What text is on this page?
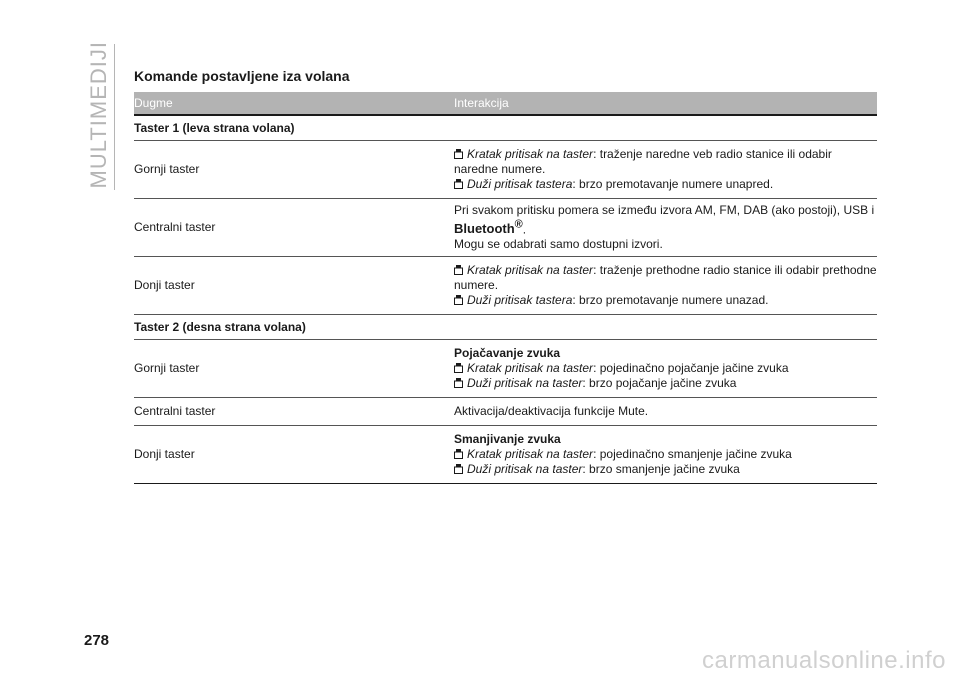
MULTIMEDIJI Komande postavljene iza volana
Dugme	Interakcija
Taster 1 (leva strana volana)
Gornji taster
Kratak pritisak na taster: traženje naredne veb radio stanice ili odabir naredne numere.
Duži pritisak tastera: brzo premotavanje numere unapred.
Centralni taster
Pri svakom pritisku pomera se između izvora AM, FM, DAB (ako postoji), USB i
Bluetooth®.
Mogu se odabrati samo dostupni izvori.
Donji taster
Kratak pritisak na taster: traženje prethodne radio stanice ili odabir prethodne numere.
Duži pritisak tastera: brzo premotavanje numere unazad.
Taster 2 (desna strana volana)
Gornji taster
Pojačavanje zvuka
Kratak pritisak na taster: pojedinačno pojačanje jačine zvuka
Duži pritisak na taster: brzo pojačanje jačine zvuka
Centralni taster	Aktivacija/deaktivacija funkcije Mute.
Donji taster
Smanjivanje zvuka
Kratak pritisak na taster: pojedinačno smanjenje jačine zvuka
Duži pritisak na taster: brzo smanjenje jačine zvuka
278
carmanualsonline.info
